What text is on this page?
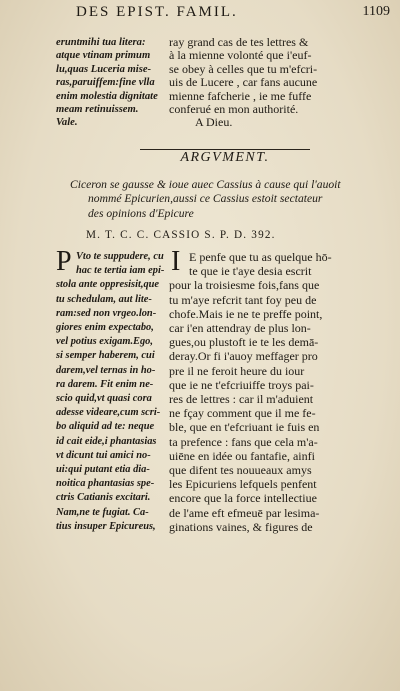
DES EPIST. FAMIL.	1109
eruntmihi tua litera:
atque vtinam primum
lu,quas Luceria mise-
ras,paruiffem:fine vlla
enim molestia dignitate
meam retinuissem.
Vale.
ray grand cas de tes lettres &
à la mienne volonté que i'euf-
se obey à celles que tu m'efcri-
uis de Lucere , car fans aucune
mienne fafcherie , ie me fuffe
conferué en mon authorité.
A Dieu.
ARGVMENT.
Ciceron se gausse & ioue auec Cassius à cause qui l'auoit
nommé Epicurien,aussi ce Cassius estoit sectateur
des opinions d'Epicure
M. T. C. C. CASSIO S. P. D. 392.
P	I
Vto te suppudere, cu
hac te tertia iam epi-
stola ante oppresisit,que
tu schedulam, aut lite-
ram:sed non vrgeo.lon-
giores enim expectabo,
vel potius exigam.Ego,
si semper haberem, cui
darem,vel ternas in ho-
ra darem. Fit enim ne-
scio quid,vt quasi cora
adesse videare,cum scri-
bo aliquid ad te: neque
id cait eide,i phantasias
vt dicunt tui amici no-
ui:qui putant etia dia-
noitica phantasias spe-
ctris Catianis excitari.
Nam,ne te fugiat. Ca-
tius insuper Epicureus,
E penfe que tu as quelque hō-
te que ie t'aye desia escrit
pour la troisiesme fois,fans que
tu m'aye refcrit tant foy peu de
chofe.Mais ie ne te preffe point,
car i'en attendray de plus lon-
gues,ou plustoft ie te les demā-
deray.Or fi i'auoy meffager pro
pre il ne feroit heure du iour
que ie ne t'efcriuiffe troys pai-
res de lettres : car il m'aduient
ne fçay comment que il me fe-
ble, que en t'efcriuant ie fuis en
ta prefence : fans que cela m'a-
uiēne en idée ou fantafie, ainfi
que difent tes nouueaux amys
les Epicuriens lefquels penfent
encore que la force intellectiue
de l'ame eft efmeuē par lesima-
ginations vaines, & figures de
